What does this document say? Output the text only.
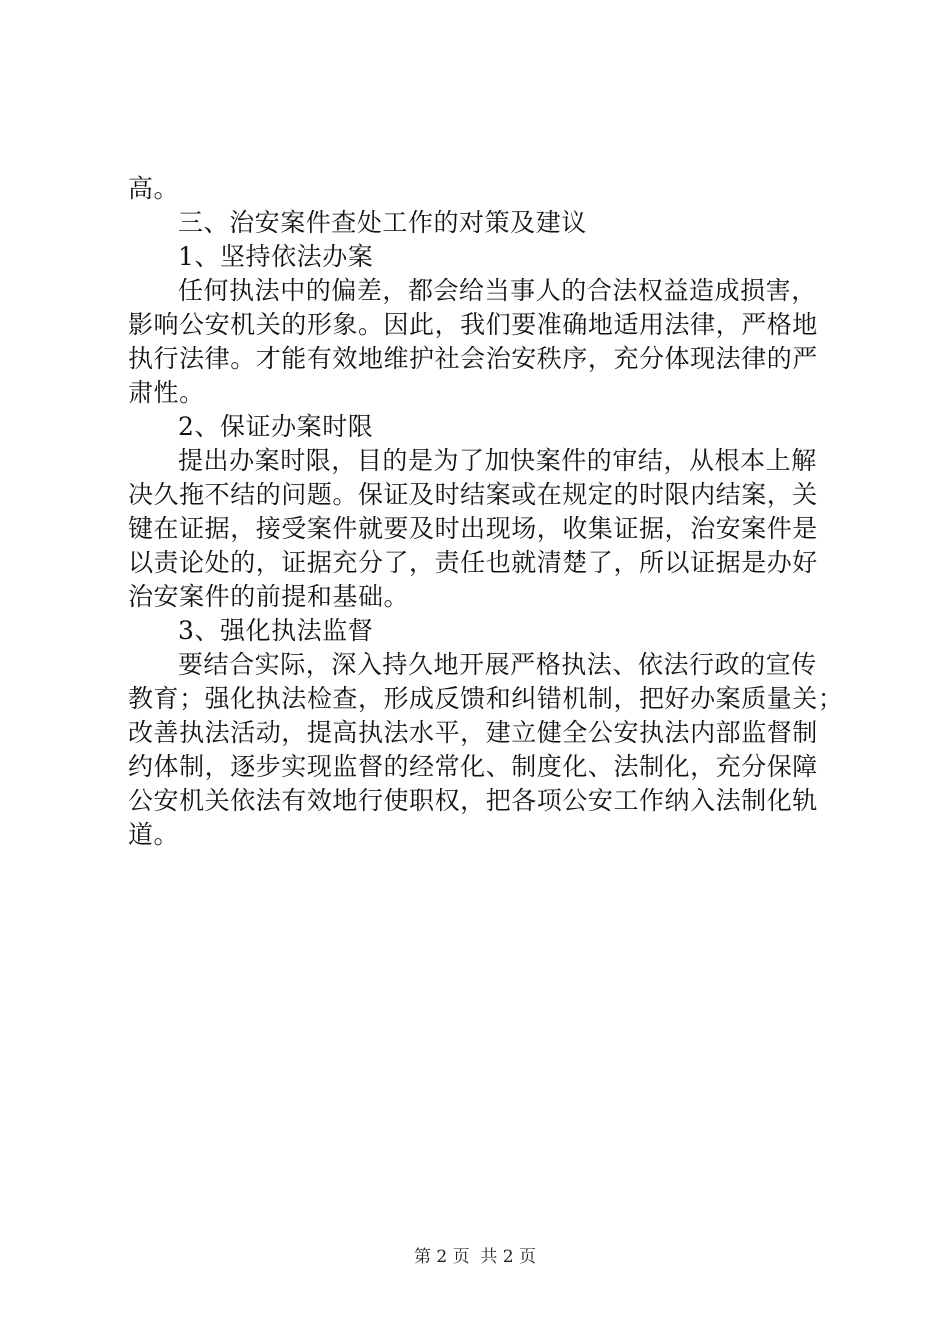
高。
三、治安案件查处工作的对策及建议
1、坚持依法办案
任何执法中的偏差，都会给当事人的合法权益造成损害，
影响公安机关的形象。因此，我们要准确地适用法律，严格地
执行法律。才能有效地维护社会治安秩序，充分体现法律的严
肃性。
2、保证办案时限
提出办案时限，目的是为了加快案件的审结，从根本上解
决久拖不结的问题。保证及时结案或在规定的时限内结案，关
键在证据，接受案件就要及时出现场，收集证据，治安案件是
以责论处的，证据充分了，责任也就清楚了，所以证据是办好
治安案件的前提和基础。
3、强化执法监督
要结合实际，深入持久地开展严格执法、依法行政的宣传
教育；强化执法检查，形成反馈和纠错机制，把好办案质量关；
改善执法活动，提高执法水平，建立健全公安执法内部监督制
约体制，逐步实现监督的经常化、制度化、法制化，充分保障
公安机关依法有效地行使职权，把各项公安工作纳入法制化轨
道。
第 2 页  共 2 页
